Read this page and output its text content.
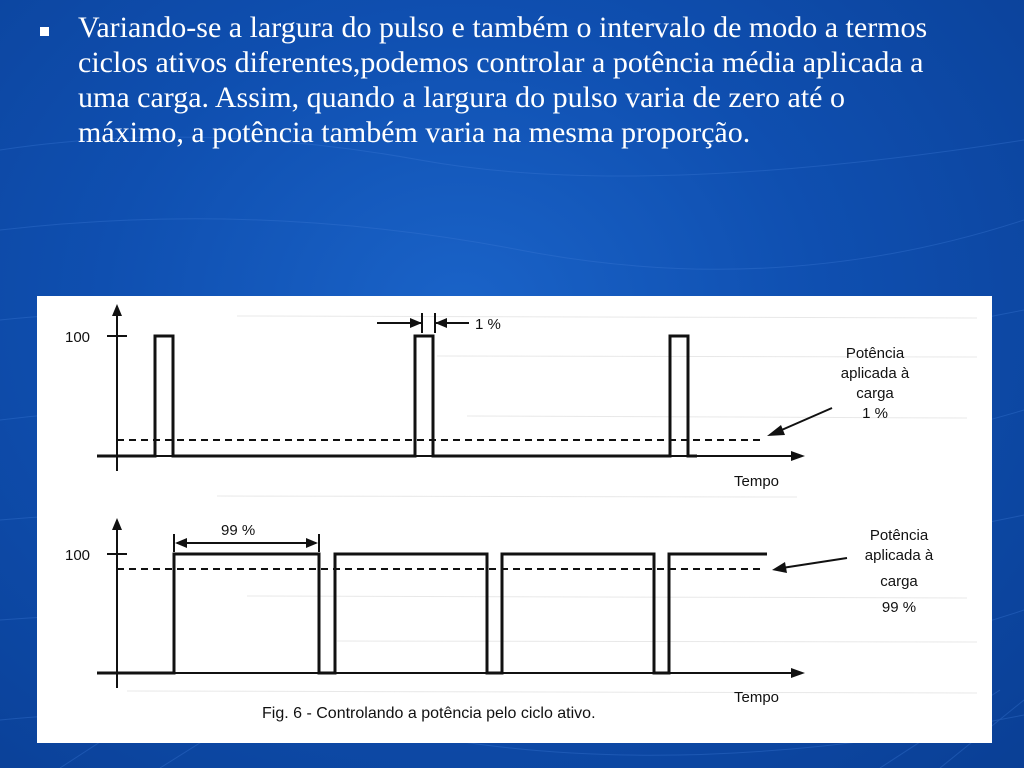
Variando-se a largura do pulso e também o intervalo de modo a termos ciclos ativos diferentes,podemos controlar a potência média aplicada a uma carga. Assim, quando a largura do pulso varia de zero até o máximo, a potência também varia na mesma proporção.

100
Tempo
1 %
Potência
aplicada à
carga
1 %
100
Tempo
99 %	Potência
aplicada à
carga
99 %
Fig. 6 - Controlando a potência pelo ciclo ativo.
